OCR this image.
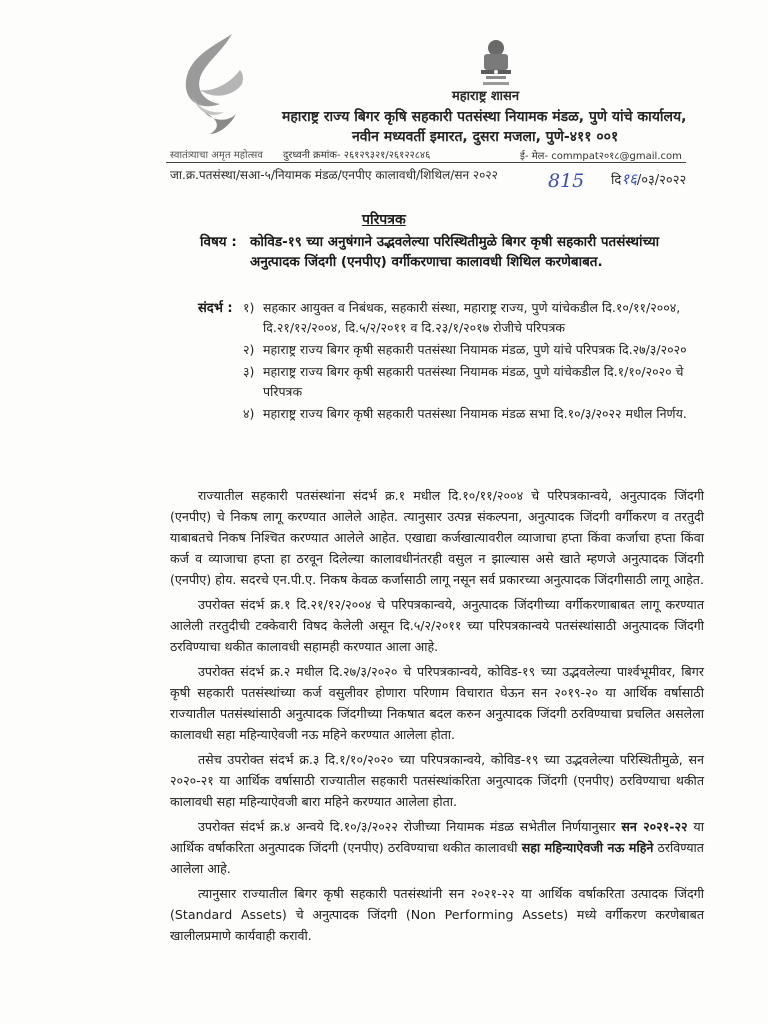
महाराष्ट्र शासन
महाराष्ट्र राज्य बिगर कृषि सहकारी पतसंस्था नियामक मंडळ, पुणे यांचे कार्यालय,
नवीन मध्यवर्ती इमारत, दुसरा मजला, पुणे-४११ ००१
स्वातंत्र्याचा अमृत महोत्सव दुरध्वनी क्रमांक- २६१२९३२१/२६१२२८४६	ई- मेल- commpat२०१८@gmail.com
जा.क्र.पतसंस्था/सआ-५/नियामक मंडळ/एनपीए कालावधी/शिथिल/सन २०२२	815 दि१६/०३/२०२२
परिपत्रक
विषय : कोविड-१९ च्या अनुषंगाने उद्भवलेल्या परिस्थितीमुळे बिगर कृषी सहकारी पतसंस्थांच्या अनुत्पादक जिंदगी (एनपीए) वर्गीकरणाचा कालावधी शिथिल करणेबाबत.
संदर्भ : १) सहकार आयुक्त व निबंधक, सहकारी संस्था, महाराष्ट्र राज्य, पुणे यांचेकडील दि.१०/११/२००४, दि.२१/१२/२००४, दि.५/२/२०११ व दि.२३/१/२०१७ रोजीचे परिपत्रक
२) महाराष्ट्र राज्य बिगर कृषी सहकारी पतसंस्था नियामक मंडळ, पुणे यांचे परिपत्रक दि.२७/३/२०२०
३) महाराष्ट्र राज्य बिगर कृषी सहकारी पतसंस्था नियामक मंडळ, पुणे यांचेकडील दि.१/१०/२०२० चे परिपत्रक
४) महाराष्ट्र राज्य बिगर कृषी सहकारी पतसंस्था नियामक मंडळ सभा दि.१०/३/२०२२ मधील निर्णय.

राज्यातील सहकारी पतसंस्थांना संदर्भ क्र.१ मधील दि.१०/११/२००४ चे परिपत्रकान्वये, अनुत्पादक जिंदगी (एनपीए) चे निकष लागू करण्यात आलेले आहेत. त्यानुसार उत्पन्न संकल्पना, अनुत्पादक जिंदगी वर्गीकरण व तरतुदी याबाबतचे निकष निश्चित करण्यात आलेले आहेत. एखाद्या कर्जखात्यावरील व्याजाचा हप्ता किंवा कर्जाचा हप्ता किंवा कर्ज व व्याजाचा हप्ता हा ठरवून दिलेल्या कालावधीनंतरही वसुल न झाल्यास असे खाते म्हणजे अनुत्पादक जिंदगी (एनपीए) होय. सदरचे एन.पी.ए. निकष केवळ कर्जासाठी लागू नसून सर्व प्रकारच्या अनुत्पादक जिंदगीसाठी लागू आहेत.

उपरोक्त संदर्भ क्र.१ दि.२१/१२/२००४ चे परिपत्रकान्वये, अनुत्पादक जिंदगीच्या वर्गीकरणाबाबत लागू करण्यात आलेली तरतुदीची टक्केवारी विषद केलेली असून दि.५/२/२०११ च्या परिपत्रकान्वये पतसंस्थांसाठी अनुत्पादक जिंदगी ठरविण्याचा थकीत कालावधी सहामही करण्यात आला आहे.

उपरोक्त संदर्भ क्र.२ मधील दि.२७/३/२०२० चे परिपत्रकान्वये, कोविड-१९ च्या उद्भवलेल्या पार्श्वभूमीवर, बिगर कृषी सहकारी पतसंस्थांच्या कर्ज वसुलीवर होणारा परिणाम विचारात घेऊन सन २०१९-२० या आर्थिक वर्षासाठी राज्यातील पतसंस्थांसाठी अनुत्पादक जिंदगीच्या निकषात बदल करुन अनुत्पादक जिंदगी ठरविण्याचा प्रचलित असलेला कालावधी सहा महिन्याऐवजी नऊ महिने करण्यात आलेला होता.

तसेच उपरोक्त संदर्भ क्र.३ दि.१/१०/२०२० च्या परिपत्रकान्वये, कोविड-१९ च्या उद्भवलेल्या परिस्थितीमुळे, सन २०२०-२१ या आर्थिक वर्षासाठी राज्यातील सहकारी पतसंस्थांकरिता अनुत्पादक जिंदगी (एनपीए) ठरविण्याचा थकीत कालावधी सहा महिन्याऐवजी बारा महिने करण्यात आलेला होता.

उपरोक्त संदर्भ क्र.४ अन्वये दि.१०/३/२०२२ रोजीच्या नियामक मंडळ सभेतील निर्णयानुसार सन २०२१-२२ या आर्थिक वर्षाकरिता अनुत्पादक जिंदगी (एनपीए) ठरविण्याचा थकीत कालावधी सहा महिन्याऐवजी नऊ महिने ठरविण्यात आलेला आहे.

त्यानुसार राज्यातील बिगर कृषी सहकारी पतसंस्थांनी सन २०२१-२२ या आर्थिक वर्षाकरिता उत्पादक जिंदगी (Standard Assets) चे अनुत्पादक जिंदगी (Non Performing Assets) मध्ये वर्गीकरण करणेबाबत खालीलप्रमाणे कार्यवाही करावी.
